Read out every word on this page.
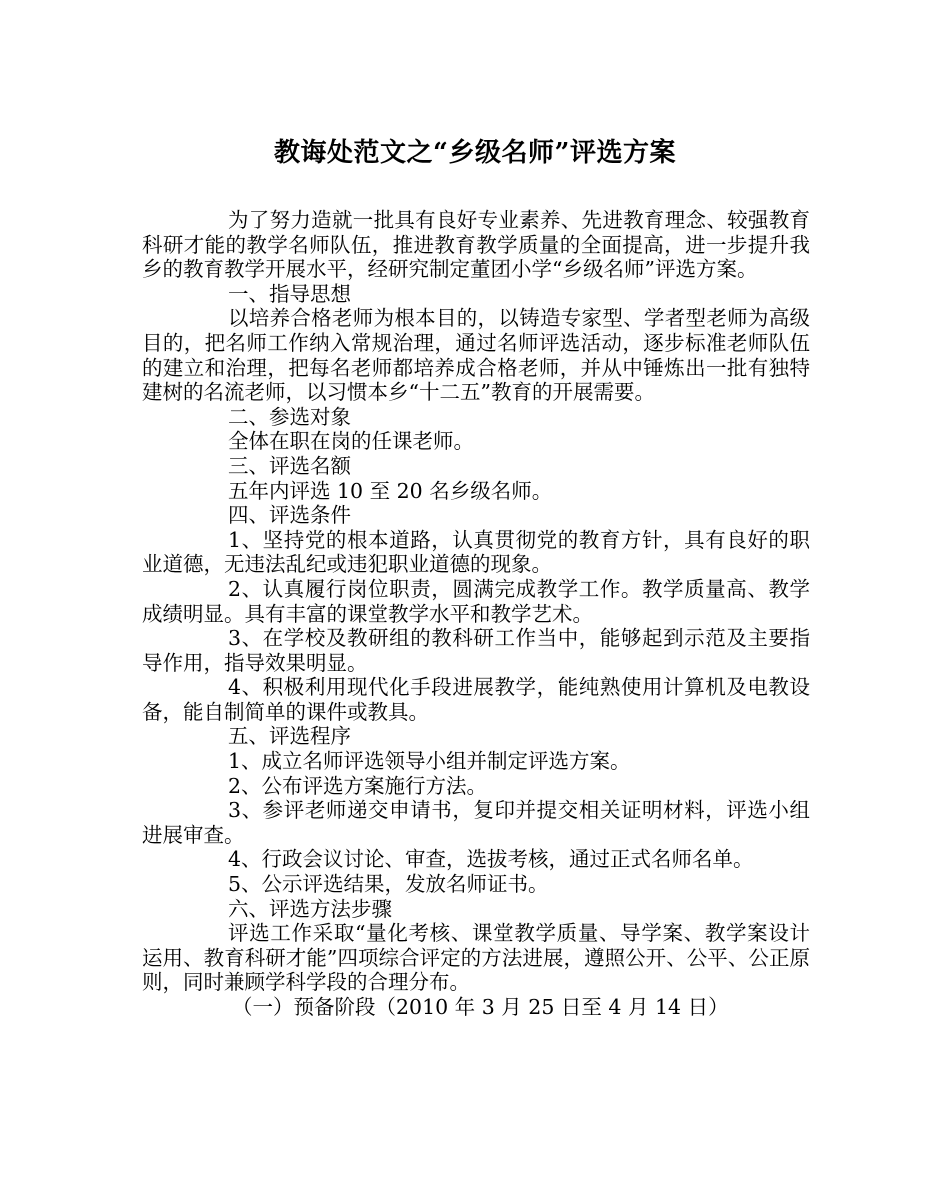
教诲处范文之“乡级名师”评选方案

为了努力造就一批具有良好专业素养、先进教育理念、较强教育科研才能的教学名师队伍，推进教育教学质量的全面提高，进一步提升我乡的教育教学开展水平，经研究制定董团小学“乡级名师”评选方案。

一、指导思想

以培养合格老师为根本目的，以铸造专家型、学者型老师为高级目的，把名师工作纳入常规治理，通过名师评选活动，逐步标准老师队伍的建立和治理，把每名老师都培养成合格老师，并从中锤炼出一批有独特建树的名流老师，以习惯本乡“十二五”教育的开展需要。

二、参选对象

全体在职在岗的任课老师。

三、评选名额

五年内评选 10 至 20 名乡级名师。

四、评选条件

1、坚持党的根本道路，认真贯彻党的教育方针，具有良好的职业道德，无违法乱纪或违犯职业道德的现象。

2、认真履行岗位职责，圆满完成教学工作。教学质量高、教学成绩明显。具有丰富的课堂教学水平和教学艺术。

3、在学校及教研组的教科研工作当中，能够起到示范及主要指导作用，指导效果明显。

4、积极利用现代化手段进展教学，能纯熟使用计算机及电教设备，能自制简单的课件或教具。

五、评选程序

1、成立名师评选领导小组并制定评选方案。

2、公布评选方案施行方法。

3、参评老师递交申请书，复印并提交相关证明材料，评选小组进展审查。

4、行政会议讨论、审查，选拔考核，通过正式名师名单。

5、公示评选结果，发放名师证书。

六、评选方法步骤

评选工作采取“量化考核、课堂教学质量、导学案、教学案设计运用、教育科研才能”四项综合评定的方法进展，遵照公开、公平、公正原则，同时兼顾学科学段的合理分布。

（一）预备阶段（2010 年 3 月 25 日至 4 月 14 日）
